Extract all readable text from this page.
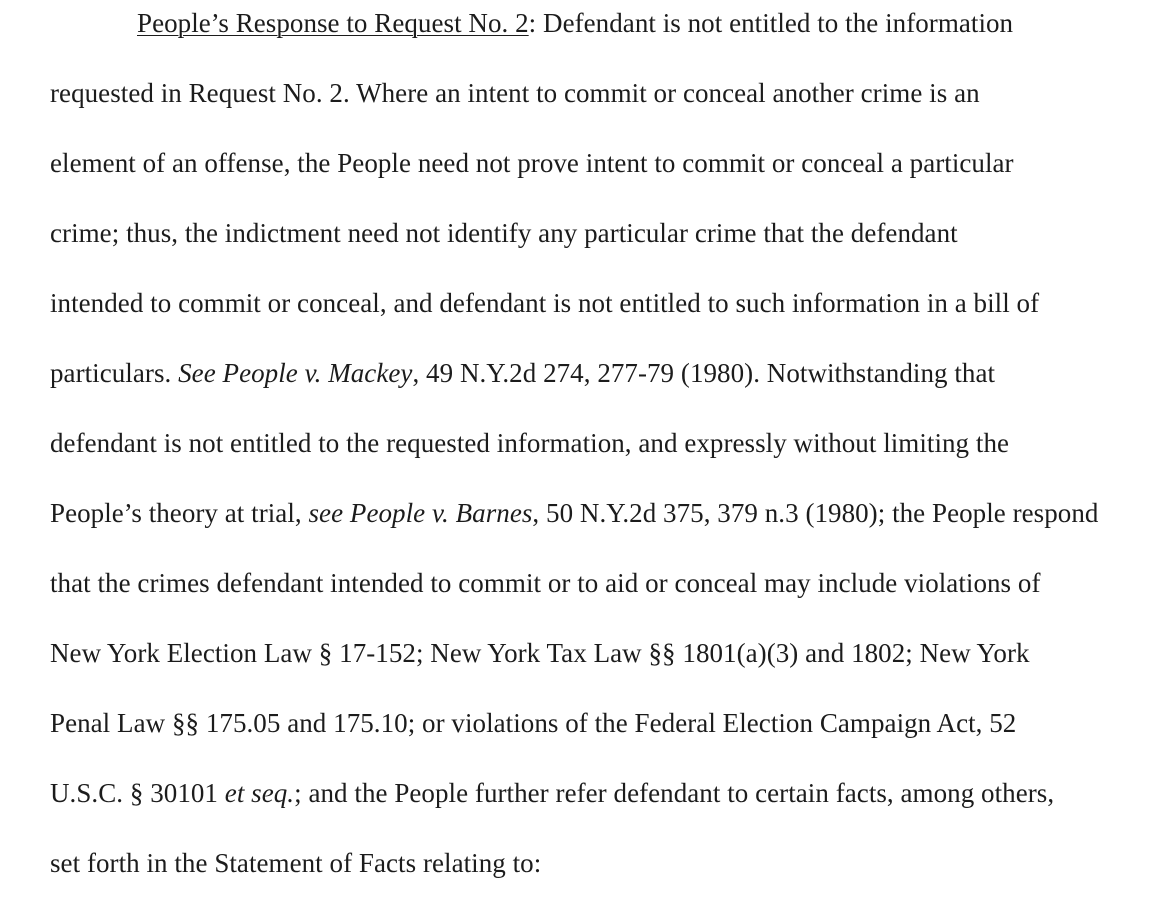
People’s Response to Request No. 2: Defendant is not entitled to the information
requested in Request No. 2. Where an intent to commit or conceal another crime is an
element of an offense, the People need not prove intent to commit or conceal a particular
crime; thus, the indictment need not identify any particular crime that the defendant
intended to commit or conceal, and defendant is not entitled to such information in a bill of
particulars. See People v. Mackey, 49 N.Y.2d 274, 277-79 (1980). Notwithstanding that
defendant is not entitled to the requested information, and expressly without limiting the
People’s theory at trial, see People v. Barnes, 50 N.Y.2d 375, 379 n.3 (1980); the People respond
that the crimes defendant intended to commit or to aid or conceal may include violations of
New York Election Law § 17-152; New York Tax Law §§ 1801(a)(3) and 1802; New York
Penal Law §§ 175.05 and 175.10; or violations of the Federal Election Campaign Act, 52
U.S.C. § 30101 et seq.; and the People further refer defendant to certain facts, among others,
set forth in the Statement of Facts relating to:
